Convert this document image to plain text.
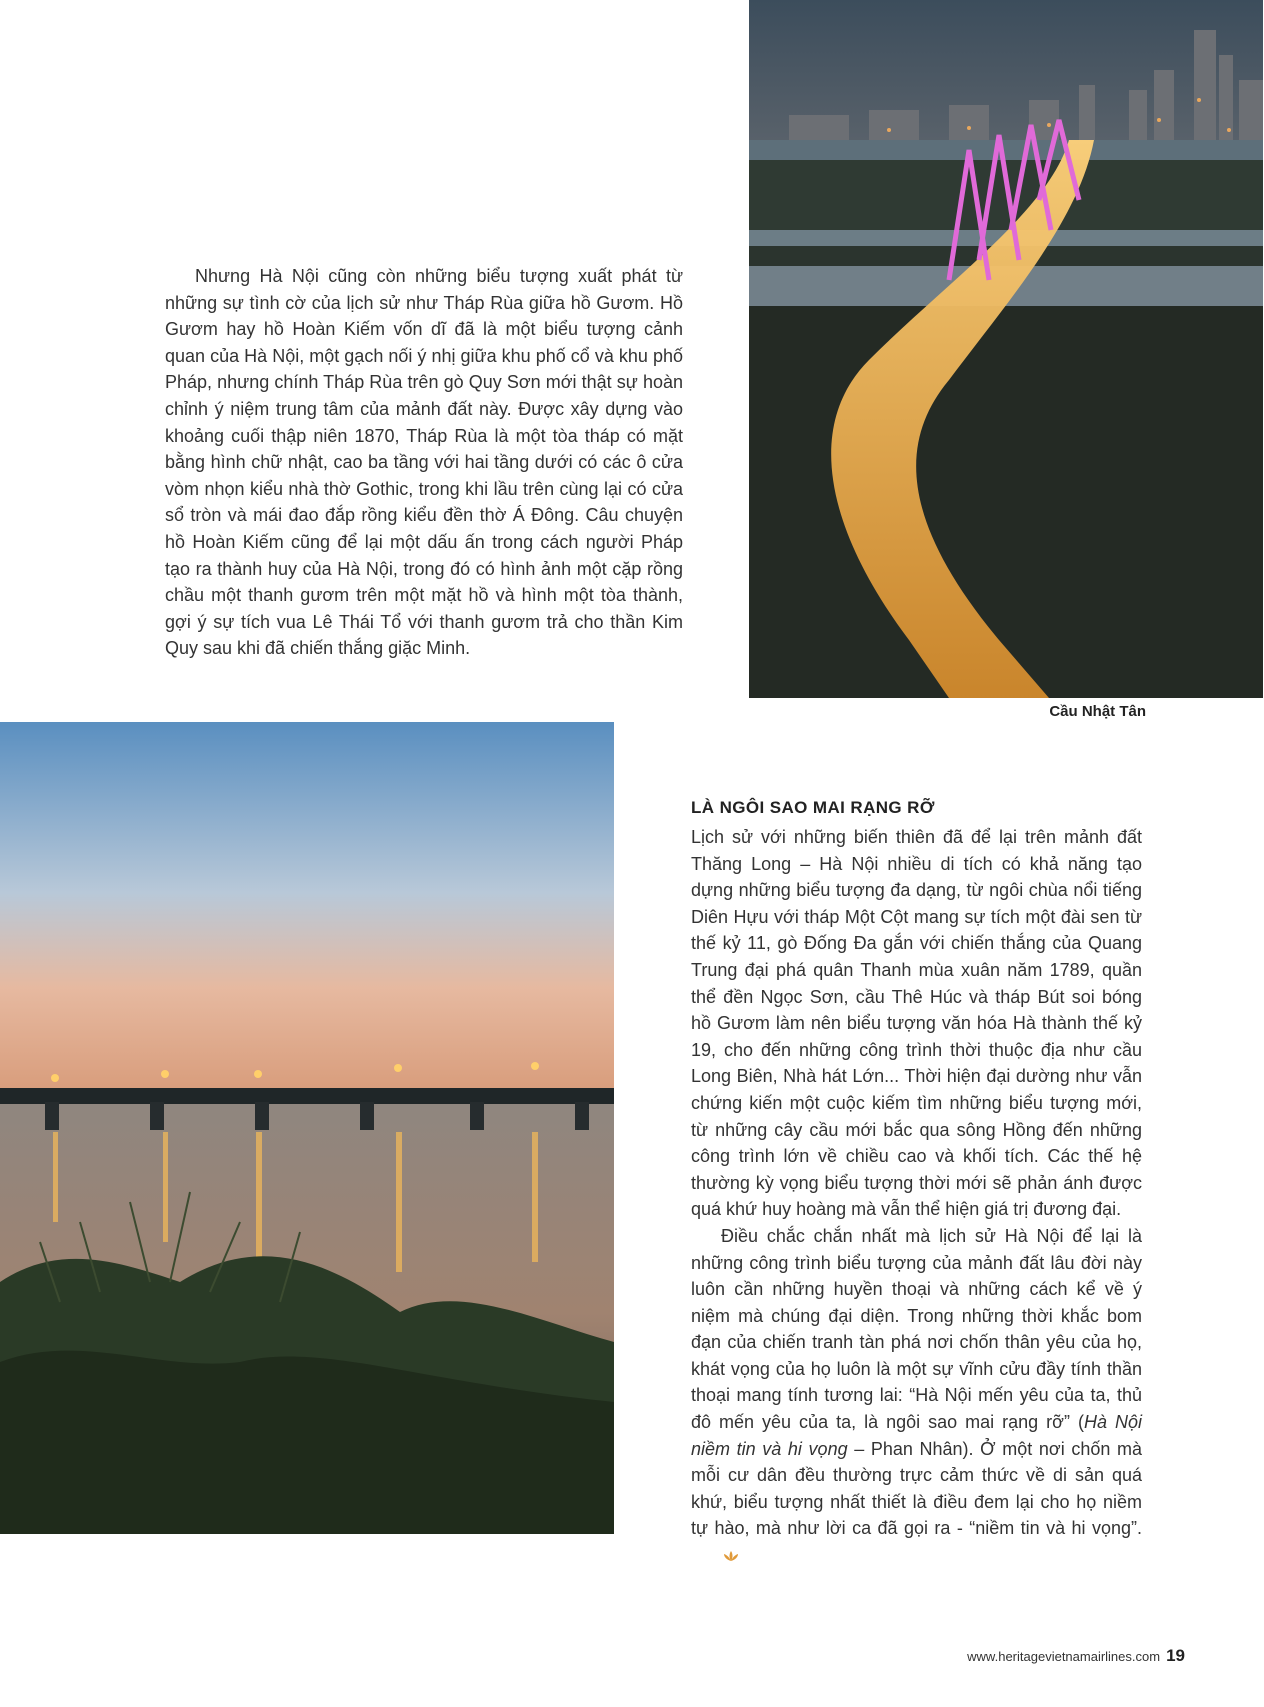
Nhưng Hà Nội cũng còn những biểu tượng xuất phát từ những sự tình cờ của lịch sử như Tháp Rùa giữa hồ Gươm. Hồ Gươm hay hồ Hoàn Kiếm vốn dĩ đã là một biểu tượng cảnh quan của Hà Nội, một gạch nối ý nhị giữa khu phố cổ và khu phố Pháp, nhưng chính Tháp Rùa trên gò Quy Sơn mới thật sự hoàn chỉnh ý niệm trung tâm của mảnh đất này. Được xây dựng vào khoảng cuối thập niên 1870, Tháp Rùa là một tòa tháp có mặt bằng hình chữ nhật, cao ba tầng với hai tầng dưới có các ô cửa vòm nhọn kiểu nhà thờ Gothic, trong khi lầu trên cùng lại có cửa sổ tròn và mái đao đắp rồng kiểu đền thờ Á Đông. Câu chuyện hồ Hoàn Kiếm cũng để lại một dấu ấn trong cách người Pháp tạo ra thành huy của Hà Nội, trong đó có hình ảnh một cặp rồng chầu một thanh gươm trên một mặt hồ và hình một tòa thành, gợi ý sự tích vua Lê Thái Tổ với thanh gươm trả cho thần Kim Quy sau khi đã chiến thắng giặc Minh.

Cầu Nhật Tân
LÀ NGÔI SAO MAI RẠNG RỠ

Lịch sử với những biến thiên đã để lại trên mảnh đất Thăng Long – Hà Nội nhiều di tích có khả năng tạo dựng những biểu tượng đa dạng, từ ngôi chùa nổi tiếng Diên Hựu với tháp Một Cột mang sự tích một đài sen từ thế kỷ 11, gò Đống Đa gắn với chiến thắng của Quang Trung đại phá quân Thanh mùa xuân năm 1789, quần thể đền Ngọc Sơn, cầu Thê Húc và tháp Bút soi bóng hồ Gươm làm nên biểu tượng văn hóa Hà thành thế kỷ 19, cho đến những công trình thời thuộc địa như cầu Long Biên, Nhà hát Lớn... Thời hiện đại dường như vẫn chứng kiến một cuộc kiếm tìm những biểu tượng mới, từ những cây cầu mới bắc qua sông Hồng đến những công trình lớn về chiều cao và khối tích. Các thế hệ thường kỳ vọng biểu tượng thời mới sẽ phản ánh được quá khứ huy hoàng mà vẫn thể hiện giá trị đương đại.

Điều chắc chắn nhất mà lịch sử Hà Nội để lại là những công trình biểu tượng của mảnh đất lâu đời này luôn cần những huyền thoại và những cách kể về ý niệm mà chúng đại diện. Trong những thời khắc bom đạn của chiến tranh tàn phá nơi chốn thân yêu của họ, khát vọng của họ luôn là một sự vĩnh cửu đầy tính thần thoại mang tính tương lai: “Hà Nội mến yêu của ta, thủ đô mến yêu của ta, là ngôi sao mai rạng rỡ” (Hà Nội niềm tin và hi vọng – Phan Nhân). Ở một nơi chốn mà mỗi cư dân đều thường trực cảm thức về di sản quá khứ, biểu tượng nhất thiết là điều đem lại cho họ niềm tự hào, mà như lời ca đã gọi ra - “niềm tin và hi vọng”.

www.heritagevietnamairlines.com 19
